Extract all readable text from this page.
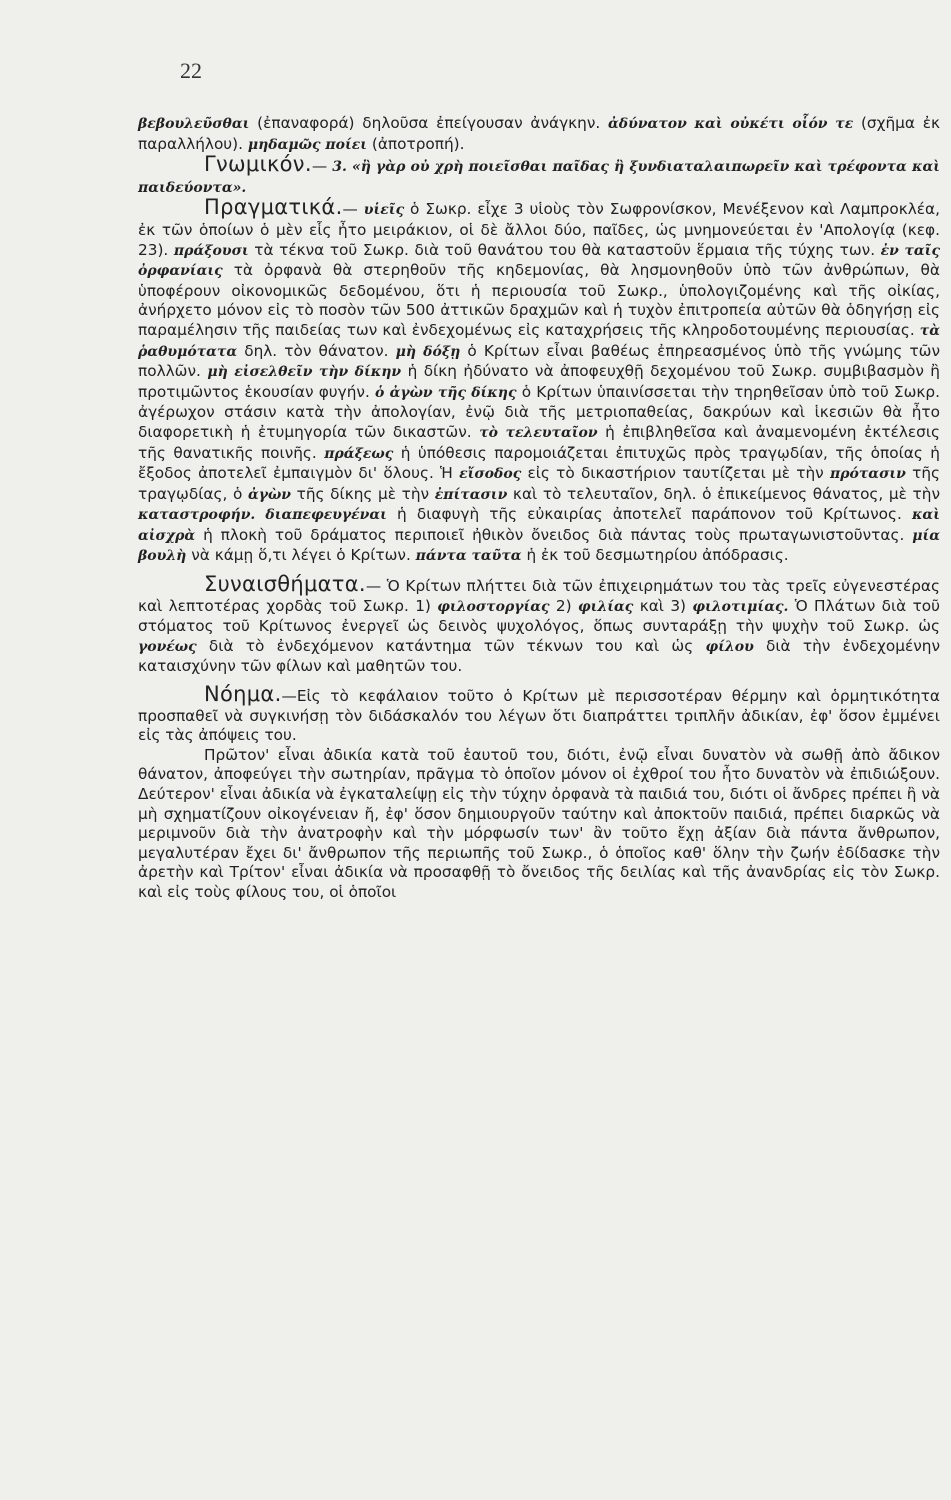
22

βεβουλεῦσθαι (ἐπαναφορά) δηλοῦσα ἐπείγουσαν ἀνάγκην. ἀδύνατον καὶ οὐκέτι οἷόν τε (σχῆμα ἐκ παραλλήλου). μηδαμῶς ποίει (ἀποτροπή).

Γνωμικόν.— 3. «ἢ γὰρ οὐ χρὴ ποιεῖσθαι παῖδας ἢ ξυνδιαταλαιπωρεῖν καὶ τρέφοντα καὶ παιδεύοντα».

Πραγματικά.— υἱεῖς ὁ Σωκρ. εἶχε 3 υἱοὺς τὸν Σωφρονίσκον, Μενέξενον καὶ Λαμπροκλέα, ἐκ τῶν ὁποίων ὁ μὲν εἷς ἦτο μειράκιον, οἱ δὲ ἄλλοι δύο, παῖδες, ὡς μνημονεύεται ἐν 'Απολογίᾳ (κεφ. 23). πράξουσι τὰ τέκνα τοῦ Σωκρ. διὰ τοῦ θανάτου του θὰ καταστοῦν ἕρμαια τῆς τύχης των. ἐν ταῖς ὀρφανίαις τὰ ὀρφανὰ θὰ στερηθοῦν τῆς κηδεμονίας, θὰ λησμονηθοῦν ὑπὸ τῶν ἀνθρώπων, θὰ ὑποφέρουν οἰκονομικῶς δεδομένου, ὅτι ἡ περιουσία τοῦ Σωκρ., ὑπολογιζομένης καὶ τῆς οἰκίας, ἀνήρχετο μόνον εἰς τὸ ποσὸν τῶν 500 ἀττικῶν δραχμῶν καὶ ἡ τυχὸν ἐπιτροπεία αὐτῶν θὰ ὁδηγήσῃ εἰς παραμέλησιν τῆς παιδείας των καὶ ἐνδεχομένως εἰς καταχρήσεις τῆς κληροδοτουμένης περιουσίας. τὰ ῥαθυμότατα δηλ. τὸν θάνατον. μὴ δόξῃ ὁ Κρίτων εἶναι βαθέως ἐπηρεασμένος ὑπὸ τῆς γνώμης τῶν πολλῶν. μὴ εἰσελθεῖν τὴν δίκην ἡ δίκη ἠδύνατο νὰ ἀποφευχθῇ δεχομένου τοῦ Σωκρ. συμβιβασμὸν ἢ προτιμῶντος ἑκουσίαν φυγήν. ὁ ἀγὼν τῆς δίκης ὁ Κρίτων ὑπαινίσσεται τὴν τηρηθεῖσαν ὑπὸ τοῦ Σωκρ. ἀγέρωχον στάσιν κατὰ τὴν ἀπολογίαν, ἐνῷ διὰ τῆς μετριοπαθείας, δακρύων καὶ ἱκεσιῶν θὰ ἦτο διαφορετικὴ ἡ ἐτυμηγορία τῶν δικαστῶν. τὸ τελευταῖον ἡ ἐπιβληθεῖσα καὶ ἀναμενομένη ἐκτέλεσις τῆς θανατικῆς ποινῆς. πράξεως ἡ ὑπόθεσις παρομοιάζεται ἐπιτυχῶς πρὸς τραγῳδίαν, τῆς ὁποίας ἡ ἔξοδος ἀποτελεῖ ἐμπαιγμὸν δι' ὅλους. Ἡ εἴσοδος εἰς τὸ δικαστήριον ταυτίζεται μὲ τὴν πρότασιν τῆς τραγῳδίας, ὁ ἀγὼν τῆς δίκης μὲ τὴν ἐπίτασιν καὶ τὸ τελευταῖον, δηλ. ὁ ἐπικείμενος θάνατος, μὲ τὴν καταστροφήν. διαπεφευγέναι ἡ διαφυγὴ τῆς εὐκαιρίας ἀποτελεῖ παράπονον τοῦ Κρίτωνος. καὶ αἰσχρὰ ἡ πλοκὴ τοῦ δράματος περιποιεῖ ἠθικὸν ὄνειδος διὰ πάντας τοὺς πρωταγωνιστοῦντας. μία βουλὴ νὰ κάμῃ ὅ,τι λέγει ὁ Κρίτων. πάντα ταῦτα ἡ ἐκ τοῦ δεσμωτηρίου ἀπόδρασις.

Συναισθήματα.— Ὁ Κρίτων πλήττει διὰ τῶν ἐπιχειρημάτων του τὰς τρεῖς εὐγενεστέρας καὶ λεπτοτέρας χορδὰς τοῦ Σωκρ. 1) φιλοστοργίας 2) φιλίας καὶ 3) φιλοτιμίας. Ὁ Πλάτων διὰ τοῦ στόματος τοῦ Κρίτωνος ἐνεργεῖ ὡς δεινὸς ψυχολόγος, ὅπως συνταράξῃ τὴν ψυχὴν τοῦ Σωκρ. ὡς γονέως διὰ τὸ ἐνδεχόμενον κατάντημα τῶν τέκνων του καὶ ὡς φίλου διὰ τὴν ἐνδεχομένην καταισχύνην τῶν φίλων καὶ μαθητῶν του.

Νόημα.—Εἰς τὸ κεφάλαιον τοῦτο ὁ Κρίτων μὲ περισσοτέραν θέρμην καὶ ὁρμητικότητα προσπαθεῖ νὰ συγκινήσῃ τὸν διδάσκαλόν του λέγων ὅτι διαπράττει τριπλῆν ἀδικίαν, ἐφ' ὅσον ἐμμένει εἰς τὰς ἀπόψεις του.

Πρῶτον' εἶναι ἀδικία κατὰ τοῦ ἑαυτοῦ του, διότι, ἐνῷ εἶναι δυνατὸν νὰ σωθῇ ἀπὸ ἄδικον θάνατον, ἀποφεύγει τὴν σωτηρίαν, πρᾶγμα τὸ ὁποῖον μόνον οἱ ἐχθροί του ἦτο δυνατὸν νὰ ἐπιδιώξουν. Δεύτερον' εἶναι ἀδικία νὰ ἐγκαταλείψῃ εἰς τὴν τύχην ὀρφανὰ τὰ παιδιά του, διότι οἱ ἄνδρες πρέπει ἢ νὰ μὴ σχηματίζουν οἰκογένειαν ἤ, ἐφ' ὅσον δημιουργοῦν ταύτην καὶ ἀποκτοῦν παιδιά, πρέπει διαρκῶς νὰ μεριμνοῦν διὰ τὴν ἀνατροφὴν καὶ τὴν μόρφωσίν των' ἂν τοῦτο ἔχῃ ἀξίαν διὰ πάντα ἄνθρωπον, μεγαλυτέραν ἔχει δι' ἄνθρωπον τῆς περιωπῆς τοῦ Σωκρ., ὁ ὁποῖος καθ' ὅλην τὴν ζωήν ἐδίδασκε τὴν ἀρετὴν καὶ Τρίτον' εἶναι ἀδικία νὰ προσαφθῇ τὸ ὄνειδος τῆς δειλίας καὶ τῆς ἀνανδρίας εἰς τὸν Σωκρ. καὶ εἰς τοὺς φίλους του, οἱ ὁποῖοι
